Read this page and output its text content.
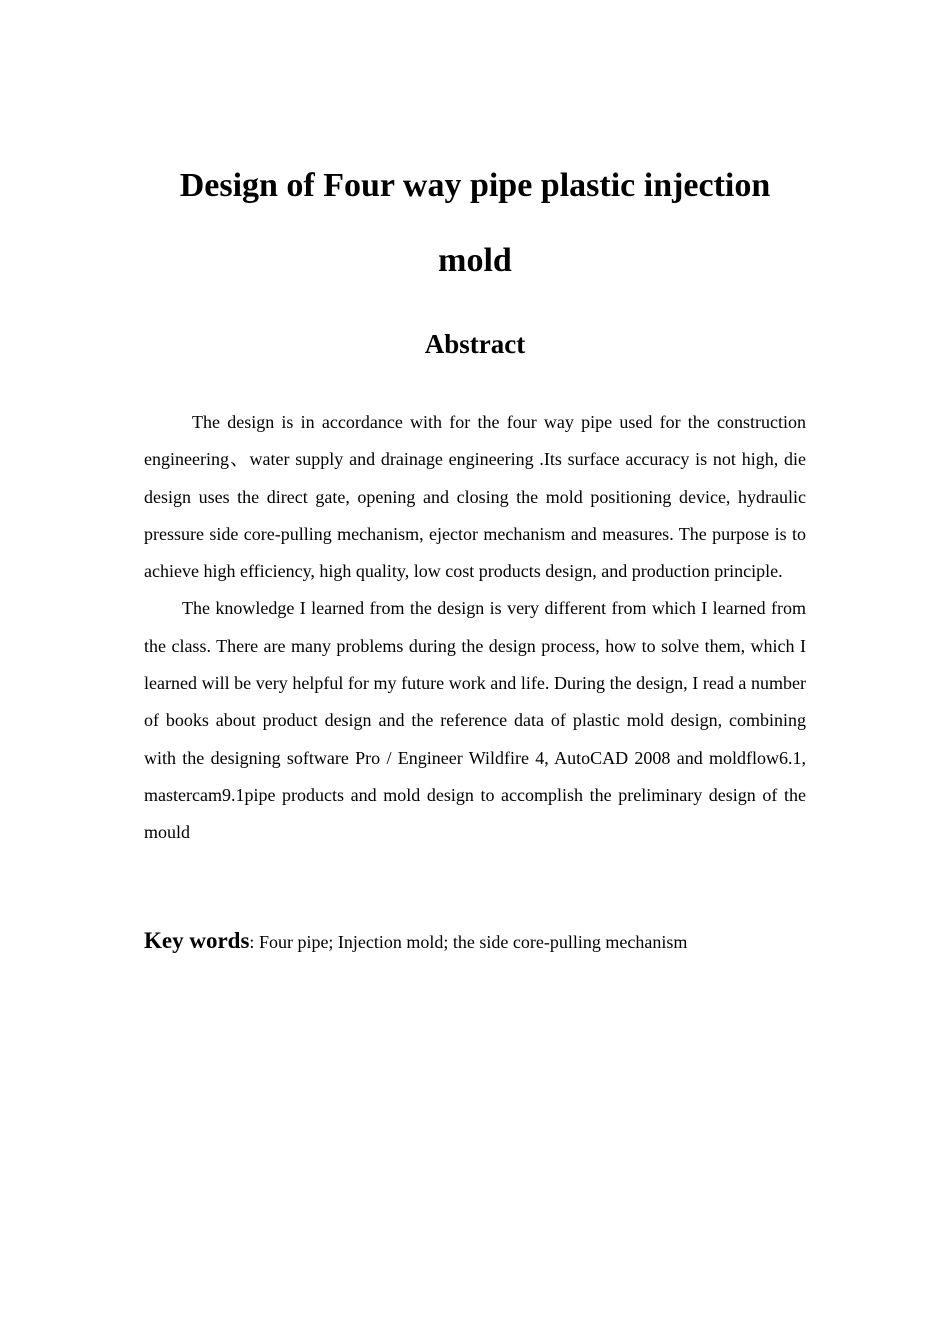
Design of Four way pipe plastic injection
mold
Abstract

The design is in accordance with for the four way pipe used for the construction engineering、water supply and drainage engineering .Its surface accuracy is not high, die design uses the direct gate, opening and closing the mold positioning device, hydraulic pressure side core-pulling mechanism, ejector mechanism and measures. The purpose is to achieve high efficiency, high quality, low cost products design, and production principle.

The knowledge I learned from the design is very different from which I learned from the class. There are many problems during the design process, how to solve them, which I learned will be very helpful for my future work and life. During the design, I read a number of books about product design and the reference data of plastic mold design, combining with the designing software Pro / Engineer Wildfire 4, AutoCAD 2008 and moldflow6.1, mastercam9.1pipe products and mold design to accomplish the preliminary design of the mould

Key words: Four pipe; Injection mold; the side core-pulling mechanism
